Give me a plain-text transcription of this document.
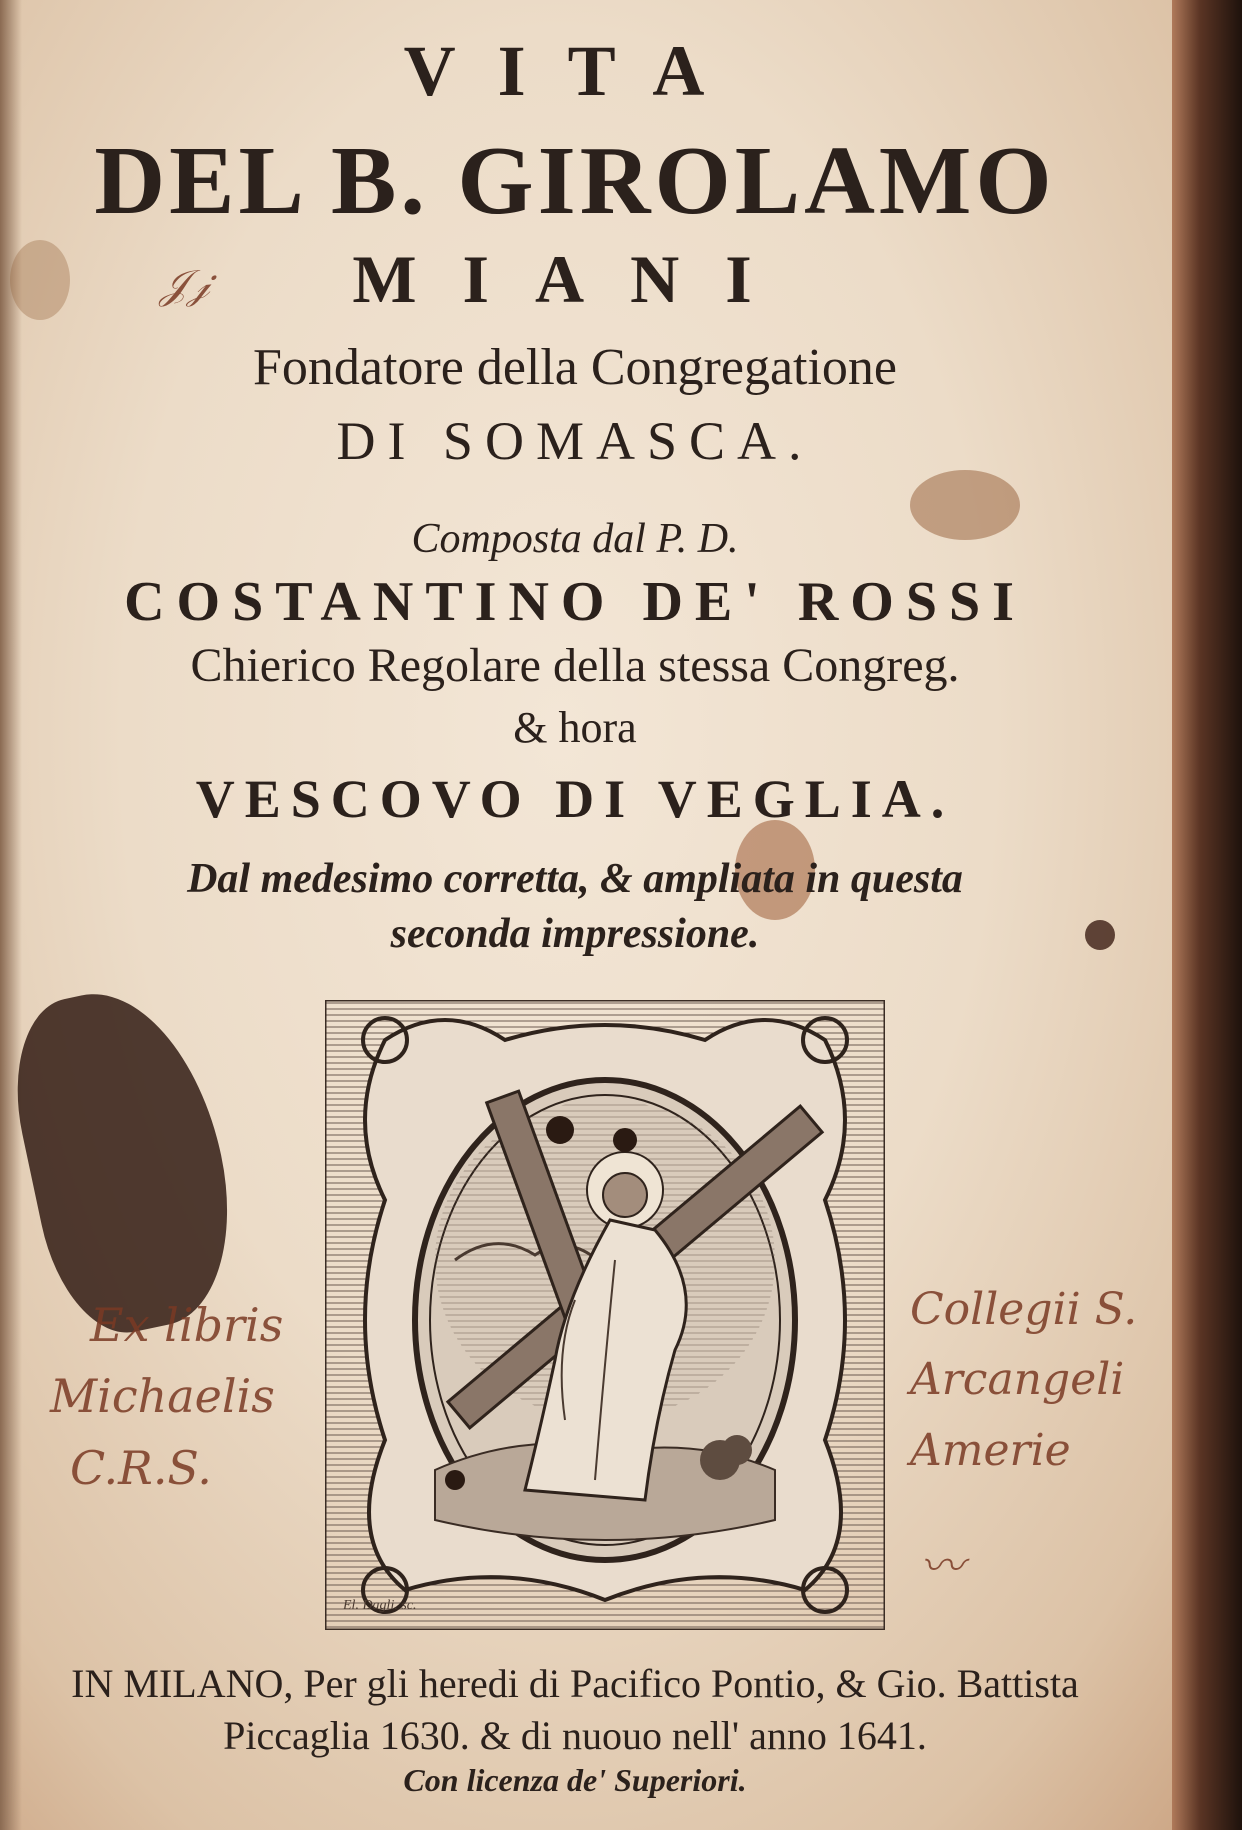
VITA
DEL B. GIROLAMO
MIANI
Fondatore della Congregatione
DI SOMASCA.
Composta dal P. D.
COSTANTINO DE' ROSSI
Chierico Regolare della stessa Congreg.
& hora
VESCOVO DI VEGLIA.
Dal medesimo corretta, & ampliata in questa
seconda impressione.
El. Dagli. sc.
𝒥𝒿
Ex libris
Michaelis
C.R.S.
Collegii S.
Arcangeli
Amerie
〰
IN MILANO, Per gli heredi di Pacifico Pontio, & Gio. Battista
Piccaglia 1630. & di nuouo nell' anno 1641.
Con licenza de' Superiori.
